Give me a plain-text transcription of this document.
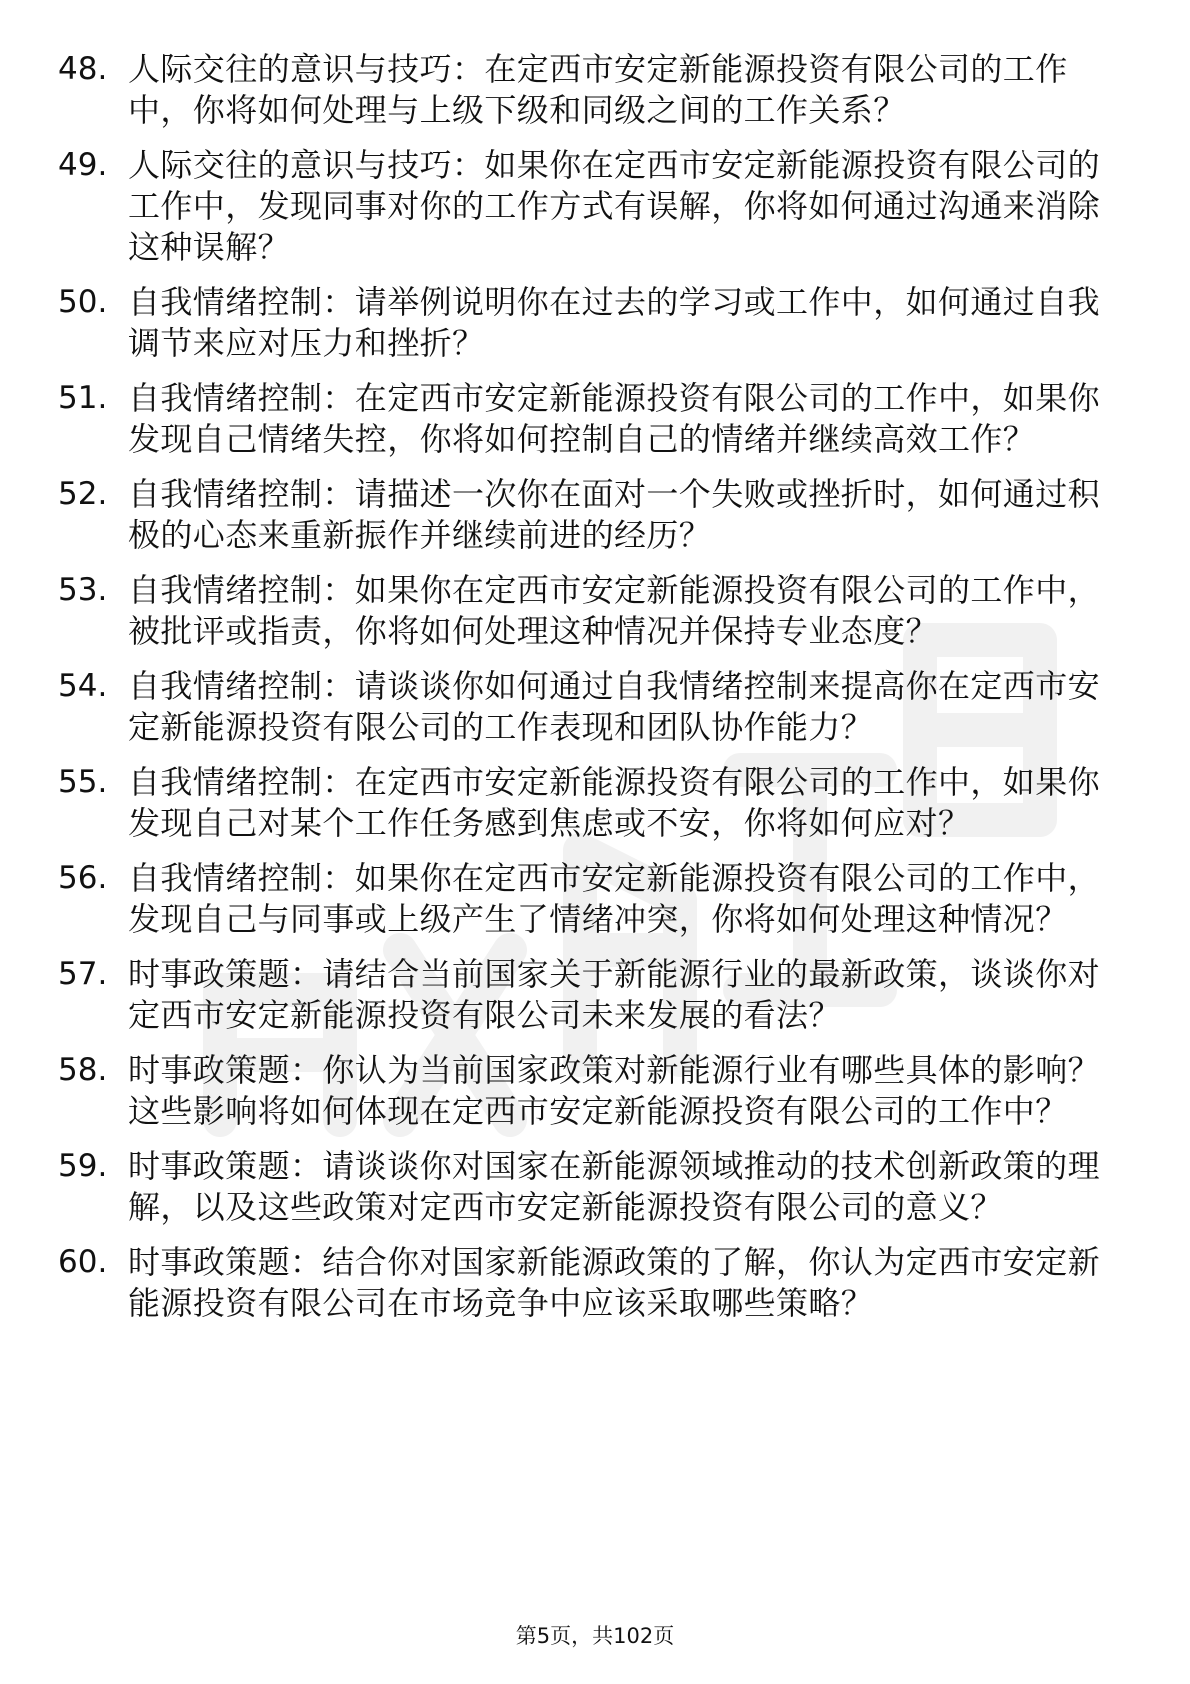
48. 人际交往的意识与技巧：在定西市安定新能源投资有限公司的工作中，你将如何处理与上级下级和同级之间的工作关系？
49. 人际交往的意识与技巧：如果你在定西市安定新能源投资有限公司的工作中，发现同事对你的工作方式有误解，你将如何通过沟通来消除这种误解？
50. 自我情绪控制：请举例说明你在过去的学习或工作中，如何通过自我调节来应对压力和挫折？
51. 自我情绪控制：在定西市安定新能源投资有限公司的工作中，如果你发现自己情绪失控，你将如何控制自己的情绪并继续高效工作？
52. 自我情绪控制：请描述一次你在面对一个失败或挫折时，如何通过积极的心态来重新振作并继续前进的经历？
53. 自我情绪控制：如果你在定西市安定新能源投资有限公司的工作中，被批评或指责，你将如何处理这种情况并保持专业态度？
54. 自我情绪控制：请谈谈你如何通过自我情绪控制来提高你在定西市安定新能源投资有限公司的工作表现和团队协作能力？
55. 自我情绪控制：在定西市安定新能源投资有限公司的工作中，如果你发现自己对某个工作任务感到焦虑或不安，你将如何应对？
56. 自我情绪控制：如果你在定西市安定新能源投资有限公司的工作中，发现自己与同事或上级产生了情绪冲突，你将如何处理这种情况？
57. 时事政策题：请结合当前国家关于新能源行业的最新政策，谈谈你对定西市安定新能源投资有限公司未来发展的看法？
58. 时事政策题：你认为当前国家政策对新能源行业有哪些具体的影响？这些影响将如何体现在定西市安定新能源投资有限公司的工作中？
59. 时事政策题：请谈谈你对国家在新能源领域推动的技术创新政策的理解，以及这些政策对定西市安定新能源投资有限公司的意义？
60. 时事政策题：结合你对国家新能源政策的了解，你认为定西市安定新能源投资有限公司在市场竞争中应该采取哪些策略？
第5页，共102页
